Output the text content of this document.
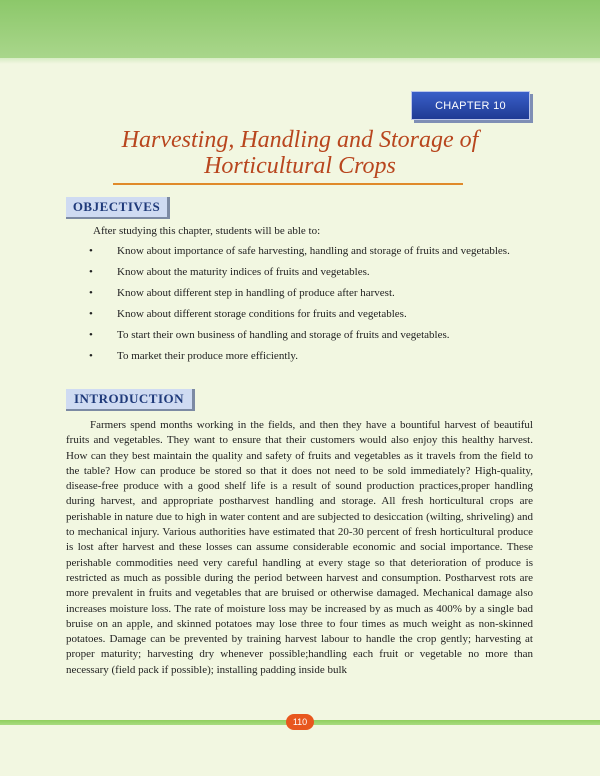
CHAPTER 10
Harvesting, Handling and Storage of
Horticultural Crops
OBJECTIVES

After studying this chapter, students will be able to:

• Know about importance of safe harvesting, handling and storage of fruits and vegetables.
• Know about the maturity indices of fruits and vegetables.
• Know about different step in handling of produce after harvest.
• Know about different storage conditions for fruits and vegetables.
• To start their own business of handling and storage of fruits and vegetables.
• To market their produce more efficiently.
INTRODUCTION

Farmers spend months working in the fields, and then they have a bountiful harvest of beautiful fruits and vegetables. They want to ensure that their customers would also enjoy this healthy harvest. How can they best maintain the quality and safety of fruits and vegetables as it travels from the field to the table? How can produce be stored so that it does not need to be sold immediately? High-quality, disease-free produce with a good shelf life is a result of sound production practices,proper handling during harvest, and appropriate postharvest handling and storage. All fresh horticultural crops are perishable in nature due to high in water content and are subjected to desiccation (wilting, shriveling) and to mechanical injury. Various authorities have estimated that 20-30 percent of fresh horticultural produce is lost after harvest and these losses can assume considerable economic and social importance. These perishable commodities need very careful handling at every stage so that deterioration of produce is restricted as much as possible during the period between harvest and consumption. Postharvest rots are more prevalent in fruits and vegetables that are bruised or otherwise damaged. Mechanical damage also increases moisture loss. The rate of moisture loss may be increased by as much as 400% by a single bad bruise on an apple, and skinned potatoes may lose three to four times as much weight as non-skinned potatoes. Damage can be prevented by training harvest labour to handle the crop gently; harvesting at proper maturity; harvesting dry whenever possible;handling each fruit or vegetable no more than necessary (field pack if possible); installing padding inside bulk

110
